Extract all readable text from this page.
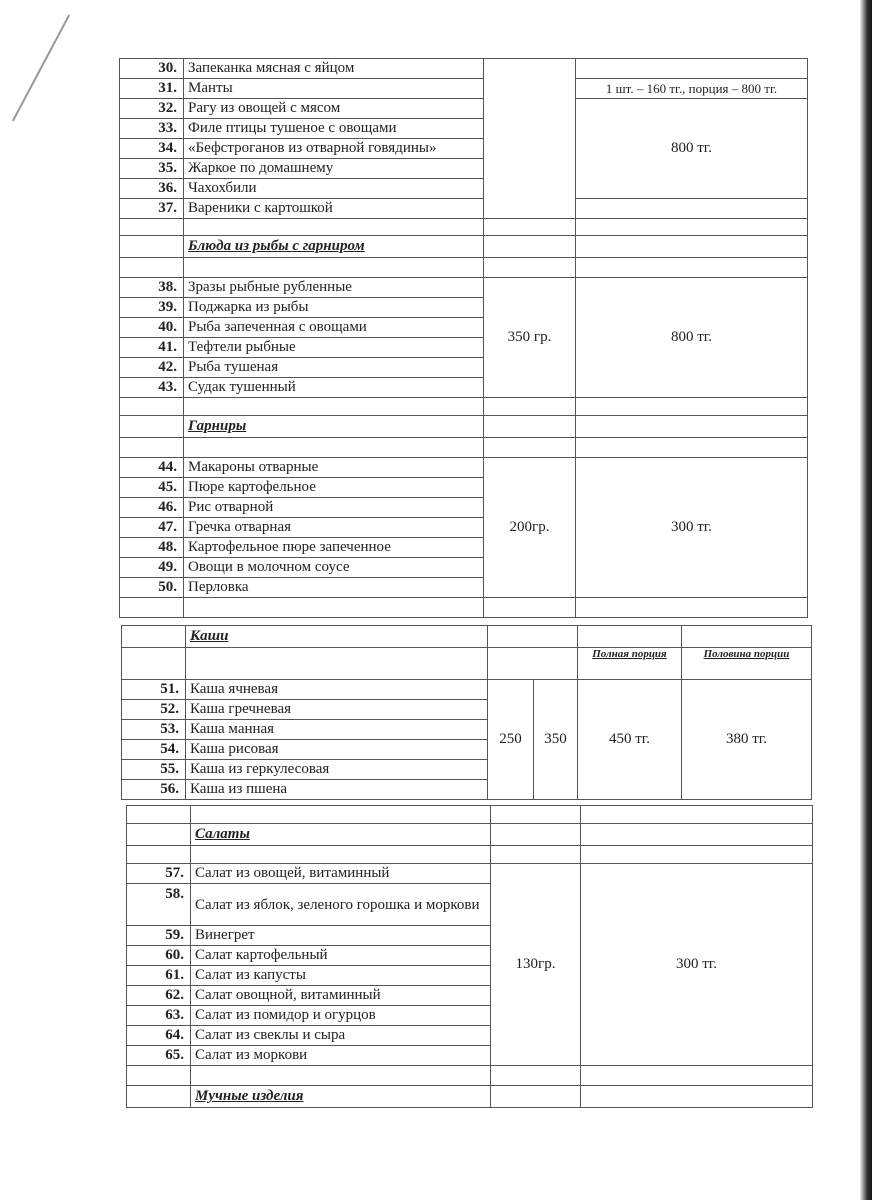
30.	Запеканка мясная с яйцом		
31.	Манты		1 шт. – 160 тг., порция – 800 тг.
32.	Рагу из овощей с мясом		800 тг.
33.	Филе птицы тушеное с овощами		
34.	«Бефстроганов из отварной говядины»		
35.	Жаркое по домашнему		
36.	Чахохбили		
37.	Вареники с картошкой		

	Блюда из рыбы с гарниром		

38.	Зразы рыбные рубленные	350 гр.	800 тг.
39.	Поджарка из рыбы		
40.	Рыба запеченная с овощами		
41.	Тефтели рыбные		
42.	Рыба тушеная		
43.	Судак тушенный		

	Гарниры		

44.	Макароны отварные	200гр.	300 тг.
45.	Пюре картофельное		
46.	Рис отварной		
47.	Гречка отварная		
48.	Картофельное пюре запеченное		
49.	Овощи в молочном соусе		
50.	Перловка		

	Каши				
				Полная порция	Половина порции
51.	Каша ячневая	250	350	450 тг.	380 тг.
52.	Каша гречневая				
53.	Каша манная				
54.	Каша рисовая				
55.	Каша из геркулесовая				
56.	Каша из пшена				

	Салаты		

57.	Салат из овощей, витаминный	130гр.	300 тг.
58.	Салат из яблок, зеленого горошка и моркови		
59.	Винегрет		
60.	Салат картофельный		
61.	Салат из капусты		
62.	Салат овощной, витаминный		
63.	Салат из помидор и огурцов		
64.	Салат из свеклы и сыра		
65.	Салат из моркови		

	Мучные изделия		
